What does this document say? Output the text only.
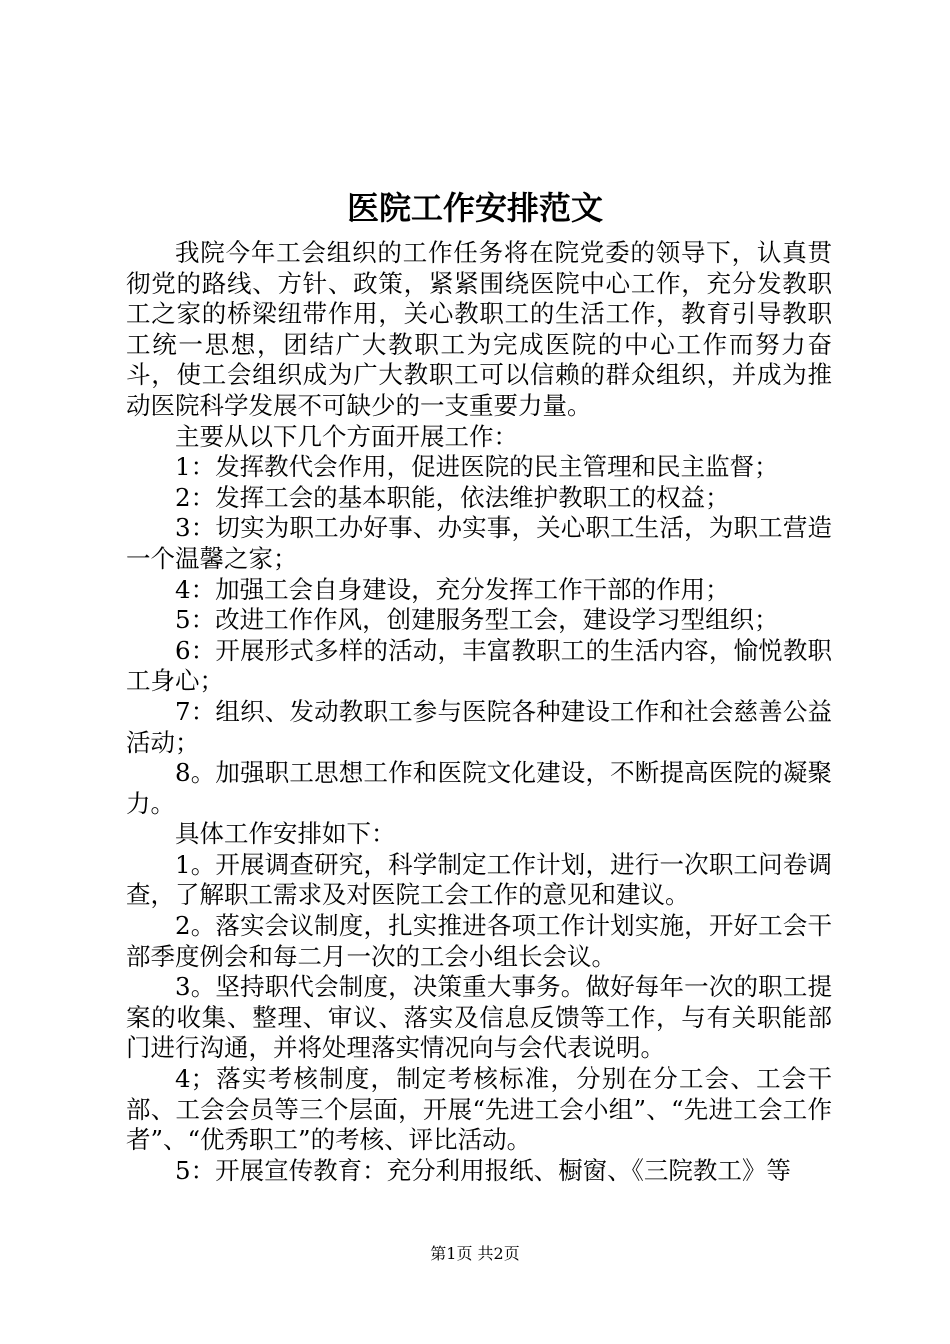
医院工作安排范文

我院今年工会组织的工作任务将在院党委的领导下，认真贯彻党的路线、方针、政策，紧紧围绕医院中心工作，充分发教职工之家的桥梁纽带作用，关心教职工的生活工作，教育引导教职工统一思想，团结广大教职工为完成医院的中心工作而努力奋斗，使工会组织成为广大教职工可以信赖的群众组织，并成为推动医院科学发展不可缺少的一支重要力量。

主要从以下几个方面开展工作：

1：发挥教代会作用，促进医院的民主管理和民主监督；

2：发挥工会的基本职能，依法维护教职工的权益；

3：切实为职工办好事、办实事，关心职工生活，为职工营造一个温馨之家；

4：加强工会自身建设，充分发挥工作干部的作用；

5：改进工作作风，创建服务型工会，建设学习型组织；

6：开展形式多样的活动，丰富教职工的生活内容，愉悦教职工身心；

7：组织、发动教职工参与医院各种建设工作和社会慈善公益活动；

8。加强职工思想工作和医院文化建设，不断提高医院的凝聚力。

具体工作安排如下：

1。开展调查研究，科学制定工作计划，进行一次职工问卷调查，了解职工需求及对医院工会工作的意见和建议。

2。落实会议制度，扎实推进各项工作计划实施，开好工会干部季度例会和每二月一次的工会小组长会议。

3。坚持职代会制度，决策重大事务。做好每年一次的职工提案的收集、整理、审议、落实及信息反馈等工作，与有关职能部门进行沟通，并将处理落实情况向与会代表说明。

4；落实考核制度，制定考核标准，分别在分工会、工会干部、工会会员等三个层面，开展“先进工会小组”、“先进工会工作者”、“优秀职工”的考核、评比活动。

5：开展宣传教育：充分利用报纸、橱窗、《三院教工》等

第1页 共2页
